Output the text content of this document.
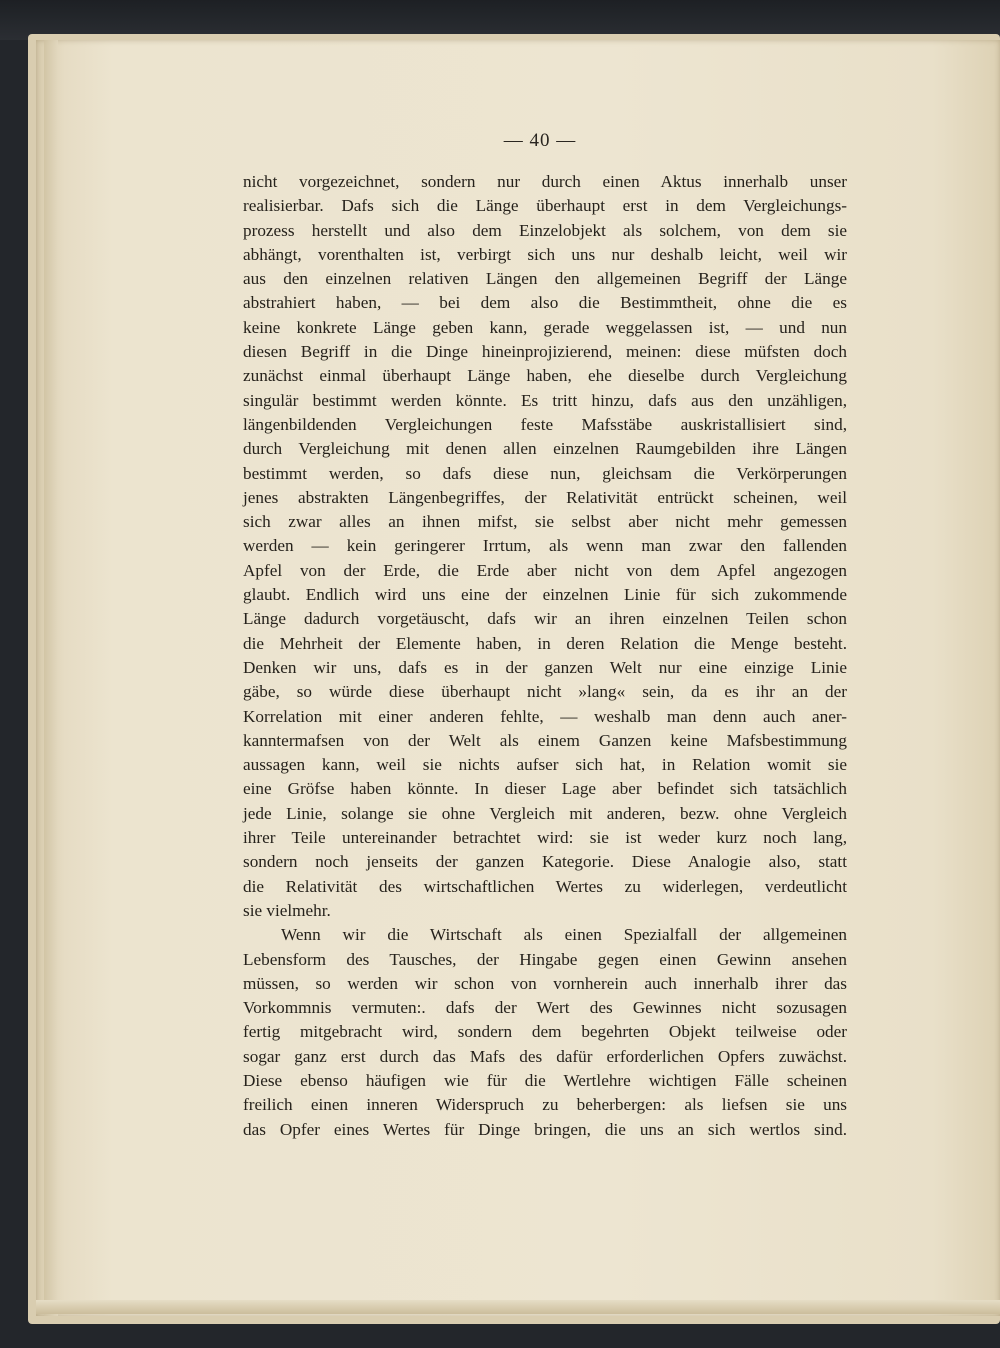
— 40 —
nicht vorgezeichnet, sondern nur durch einen Aktus innerhalb unser
realisierbar. Dafs sich die Länge überhaupt erst in dem Vergleichungs-
prozess herstellt und also dem Einzelobjekt als solchem, von dem sie
abhängt, vorenthalten ist, verbirgt sich uns nur deshalb leicht, weil wir
aus den einzelnen relativen Längen den allgemeinen Begriff der Länge
abstrahiert haben, — bei dem also die Bestimmtheit, ohne die es
keine konkrete Länge geben kann, gerade weggelassen ist, — und nun
diesen Begriff in die Dinge hineinprojizierend, meinen: diese müfsten doch
zunächst einmal überhaupt Länge haben, ehe dieselbe durch Vergleichung
singulär bestimmt werden könnte. Es tritt hinzu, dafs aus den unzähligen,
längenbildenden Vergleichungen feste Mafsstäbe auskristallisiert sind,
durch Vergleichung mit denen allen einzelnen Raumgebilden ihre Längen
bestimmt werden, so dafs diese nun, gleichsam die Verkörperungen
jenes abstrakten Längenbegriffes, der Relativität entrückt scheinen, weil
sich zwar alles an ihnen mifst, sie selbst aber nicht mehr gemessen
werden — kein geringerer Irrtum, als wenn man zwar den fallenden
Apfel von der Erde, die Erde aber nicht von dem Apfel angezogen
glaubt. Endlich wird uns eine der einzelnen Linie für sich zukommende
Länge dadurch vorgetäuscht, dafs wir an ihren einzelnen Teilen schon
die Mehrheit der Elemente haben, in deren Relation die Menge besteht.
Denken wir uns, dafs es in der ganzen Welt nur eine einzige Linie
gäbe, so würde diese überhaupt nicht »lang« sein, da es ihr an der
Korrelation mit einer anderen fehlte, — weshalb man denn auch aner-
kanntermafsen von der Welt als einem Ganzen keine Mafsbestimmung
aussagen kann, weil sie nichts aufser sich hat, in Relation womit sie
eine Gröfse haben könnte. In dieser Lage aber befindet sich tatsächlich
jede Linie, solange sie ohne Vergleich mit anderen, bezw. ohne Vergleich
ihrer Teile untereinander betrachtet wird: sie ist weder kurz noch lang,
sondern noch jenseits der ganzen Kategorie. Diese Analogie also, statt
die Relativität des wirtschaftlichen Wertes zu widerlegen, verdeutlicht
sie vielmehr.
Wenn wir die Wirtschaft als einen Spezialfall der allgemeinen
Lebensform des Tausches, der Hingabe gegen einen Gewinn ansehen
müssen, so werden wir schon von vornherein auch innerhalb ihrer das
Vorkommnis vermuten:. dafs der Wert des Gewinnes nicht sozusagen
fertig mitgebracht wird, sondern dem begehrten Objekt teilweise oder
sogar ganz erst durch das Mafs des dafür erforderlichen Opfers zuwächst.
Diese ebenso häufigen wie für die Wertlehre wichtigen Fälle scheinen
freilich einen inneren Widerspruch zu beherbergen: als liefsen sie uns
das Opfer eines Wertes für Dinge bringen, die uns an sich wertlos sind.
